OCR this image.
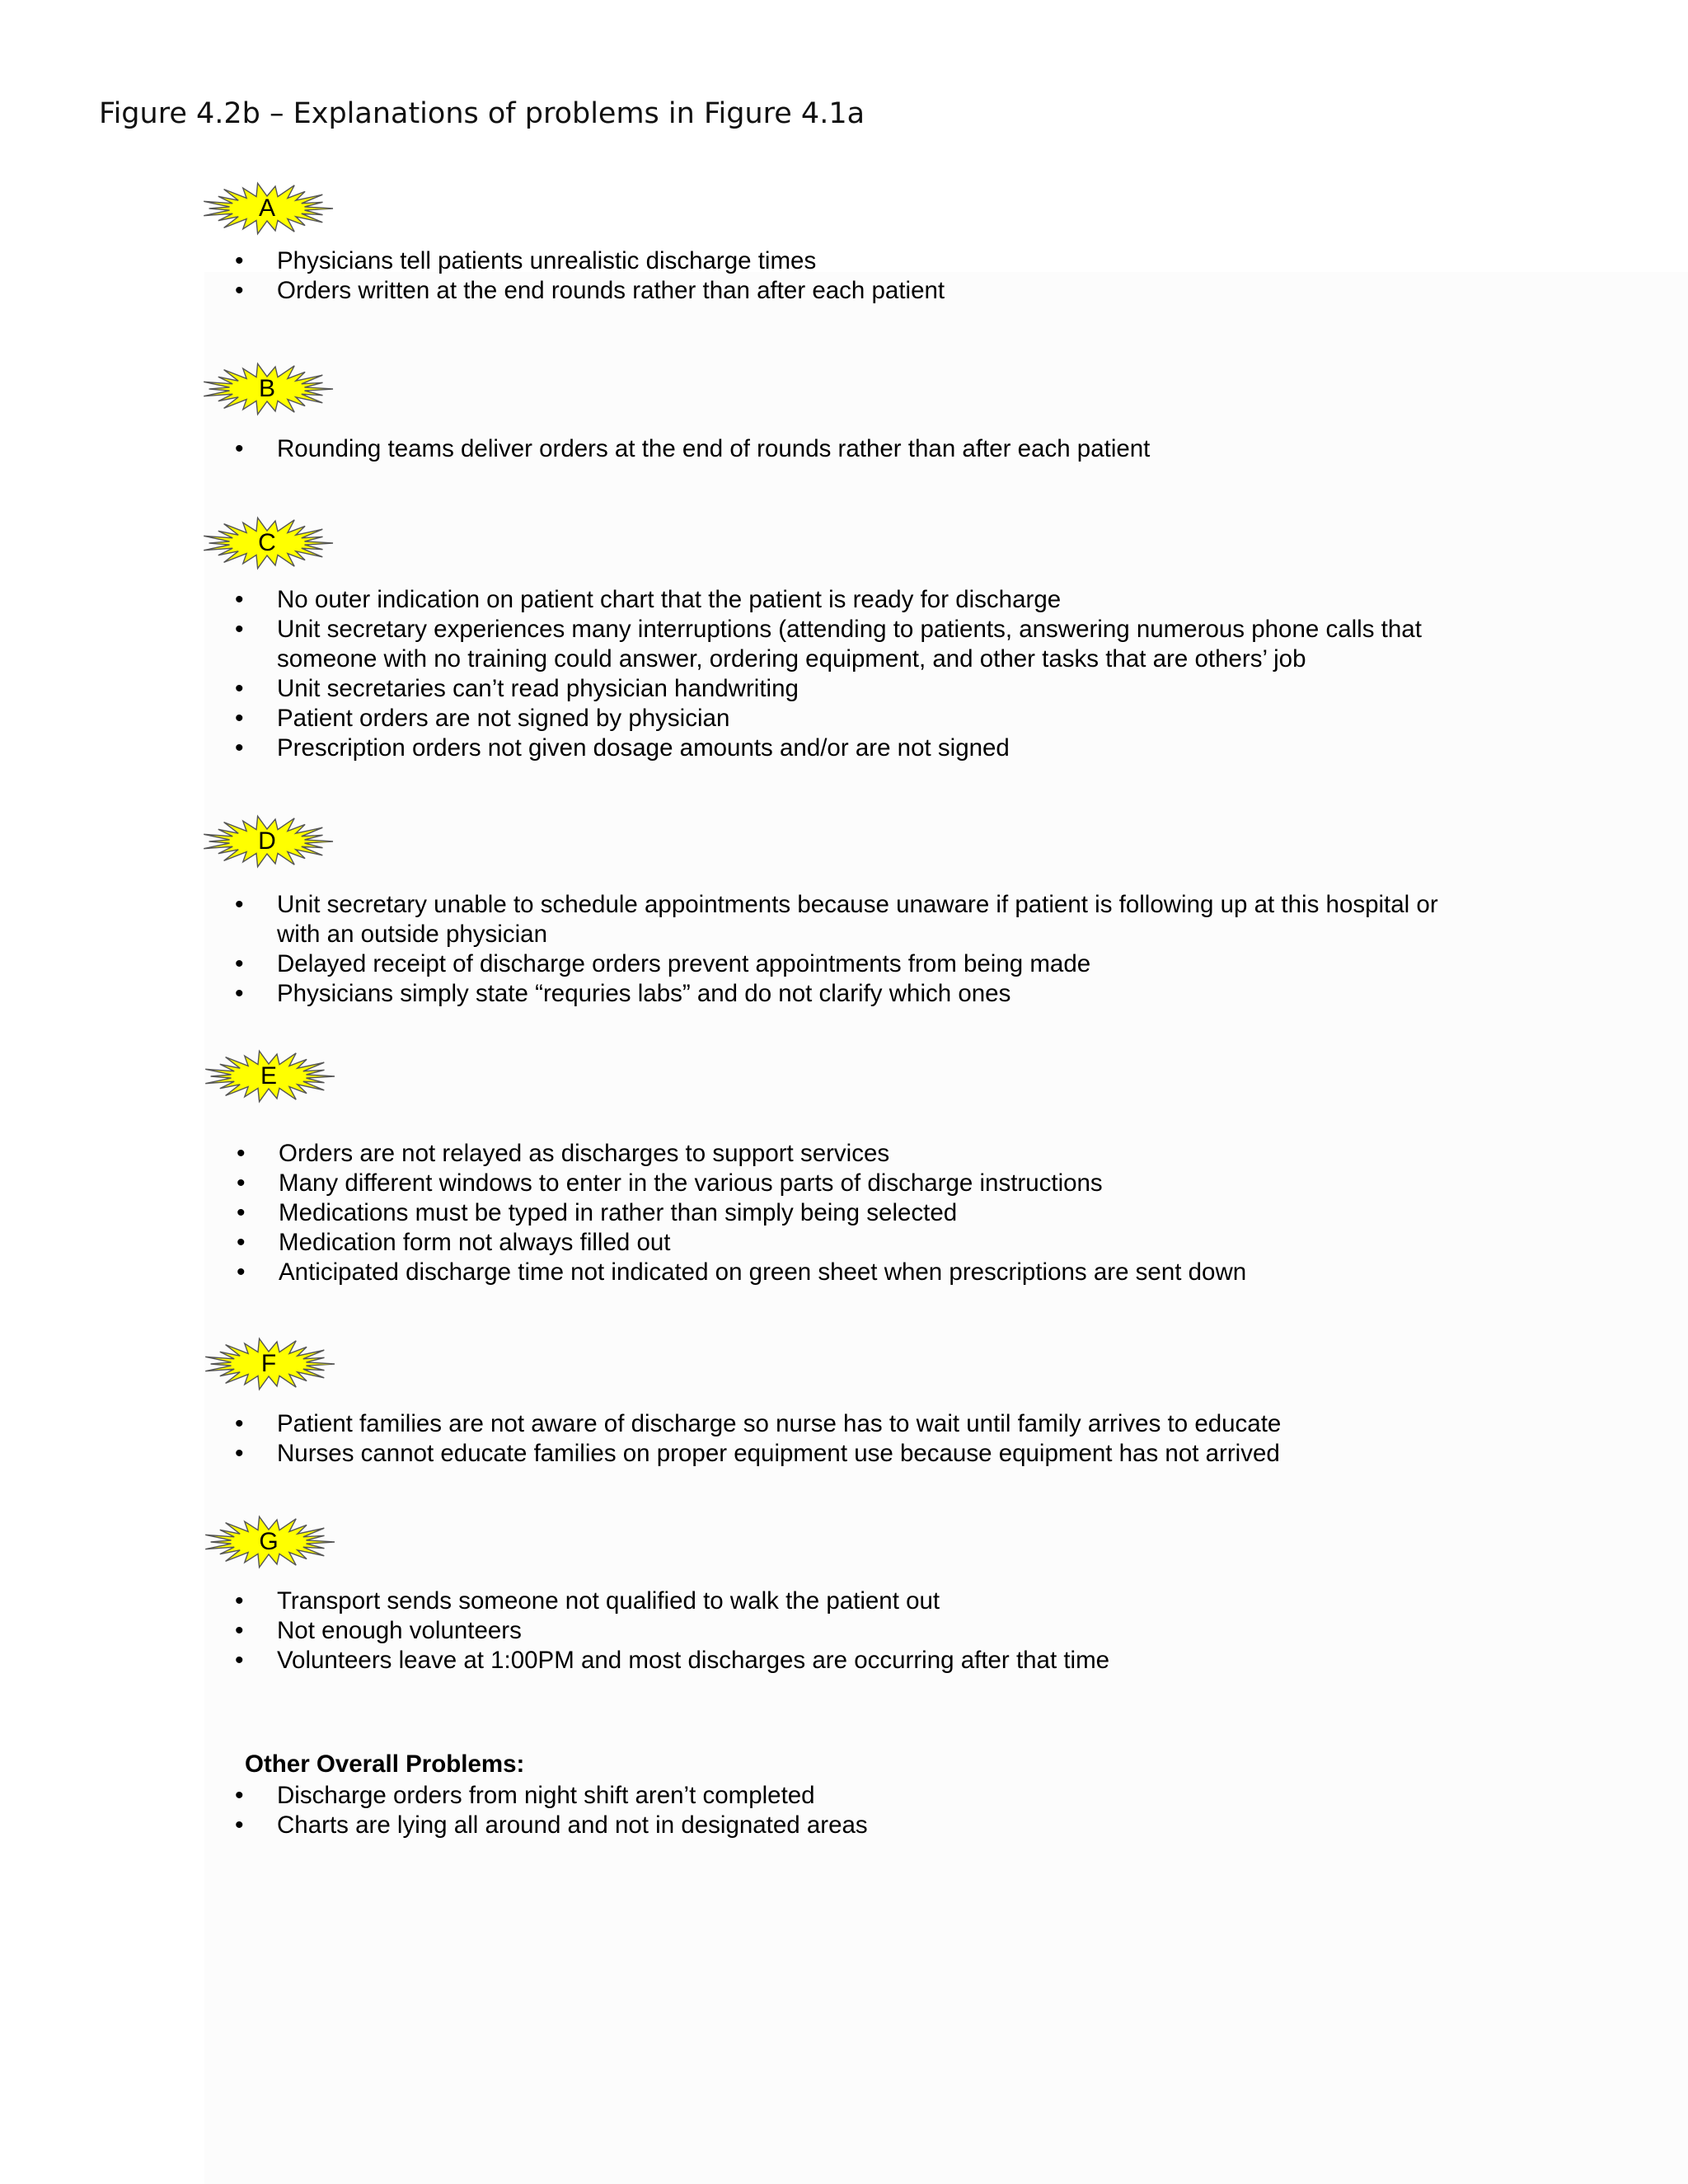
Figure 4.2b – Explanations of problems in Figure 4.1a
A
• Physicians tell patients unrealistic discharge times
• Orders written at the end rounds rather than after each patient
B
• Rounding teams deliver orders at the end of rounds rather than after each patient
C
• No outer indication on patient chart that the patient is ready for discharge
• Unit secretary experiences many interruptions (attending to patients, answering numerous phone calls that
someone with no training could answer, ordering equipment, and other tasks that are others’ job
• Unit secretaries can’t read physician handwriting
• Patient orders are not signed by physician
• Prescription orders not given dosage amounts and/or are not signed
D
• Unit secretary unable to schedule appointments because unaware if patient is following up at this hospital or
with an outside physician
• Delayed receipt of discharge orders prevent appointments from being made
• Physicians simply state “requries labs” and do not clarify which ones
E
• Orders are not relayed as discharges to support services
• Many different windows to enter in the various parts of discharge instructions
• Medications must be typed in rather than simply being selected
• Medication form not always filled out
• Anticipated discharge time not indicated on green sheet when prescriptions are sent down
F
• Patient families are not aware of discharge so nurse has to wait until family arrives to educate
• Nurses cannot educate families on proper equipment use because equipment has not arrived
G
• Transport sends someone not qualified to walk the patient out
• Not enough volunteers
• Volunteers leave at 1:00PM and most discharges are occurring after that time
Other Overall Problems:
• Discharge orders from night shift aren’t completed
• Charts are lying all around and not in designated areas
